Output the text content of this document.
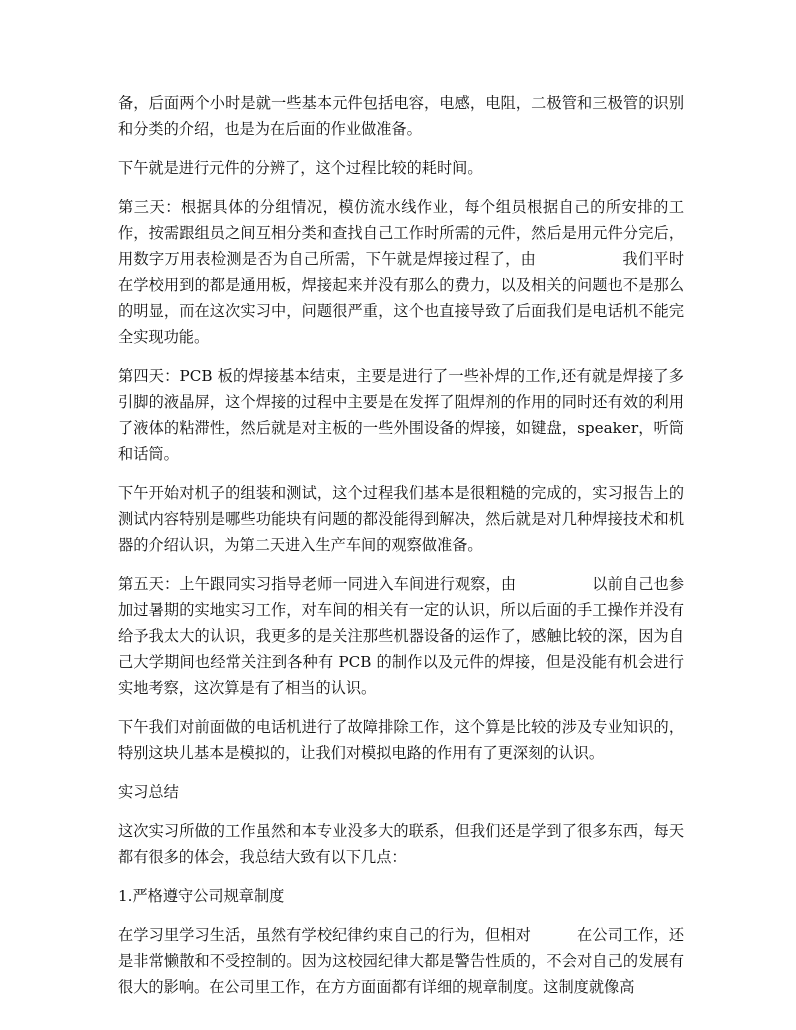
备，后面两个小时是就一些基本元件包括电容，电感，电阻，二极管和三极管的识别和分类的介绍，也是为在后面的作业做准备。

下午就是进行元件的分辨了，这个过程比较的耗时间。

第三天：根据具体的分组情况，模仿流水线作业，每个组员根据自己的所安排的工作，按需跟组员之间互相分类和查找自己工作时所需的元件，然后是用元件分完后，用数字万用表检测是否为自己所需，下午就是焊接过程了，由	我们平时在学校用到的都是通用板，焊接起来并没有那么的费力，以及相关的问题也不是那么的明显，而在这次实习中，问题很严重，这个也直接导致了后面我们是电话机不能完全实现功能。

第四天：PCB 板的焊接基本结束，主要是进行了一些补焊的工作,还有就是焊接了多引脚的液晶屏，这个焊接的过程中主要是在发挥了阻焊剂的作用的同时还有效的利用了液体的粘滞性，然后就是对主板的一些外围设备的焊接，如键盘，speaker，听筒和话筒。

下午开始对机子的组装和测试，这个过程我们基本是很粗糙的完成的，实习报告上的测试内容特别是哪些功能块有问题的都没能得到解决，然后就是对几种焊接技术和机器的介绍认识，为第二天进入生产车间的观察做准备。

第五天：上午跟同实习指导老师一同进入车间进行观察，由	以前自己也参加过暑期的实地实习工作，对车间的相关有一定的认识，所以后面的手工操作并没有给予我太大的认识，我更多的是关注那些机器设备的运作了，感触比较的深，因为自己大学期间也经常关注到各种有 PCB 的制作以及元件的焊接，但是没能有机会进行实地考察，这次算是有了相当的认识。

下午我们对前面做的电话机进行了故障排除工作，这个算是比较的涉及专业知识的，特别这块儿基本是模拟的，让我们对模拟电路的作用有了更深刻的认识。

实习总结

这次实习所做的工作虽然和本专业没多大的联系，但我们还是学到了很多东西，每天都有很多的体会，我总结大致有以下几点：

1.严格遵守公司规章制度

在学习里学习生活，虽然有学校纪律约束自己的行为，但相对	在公司工作，还是非常懒散和不受控制的。因为这校园纪律大都是警告性质的，不会对自己的发展有很大的影响。在公司里工作，在方方面面都有详细的规章制度。这制度就像高
